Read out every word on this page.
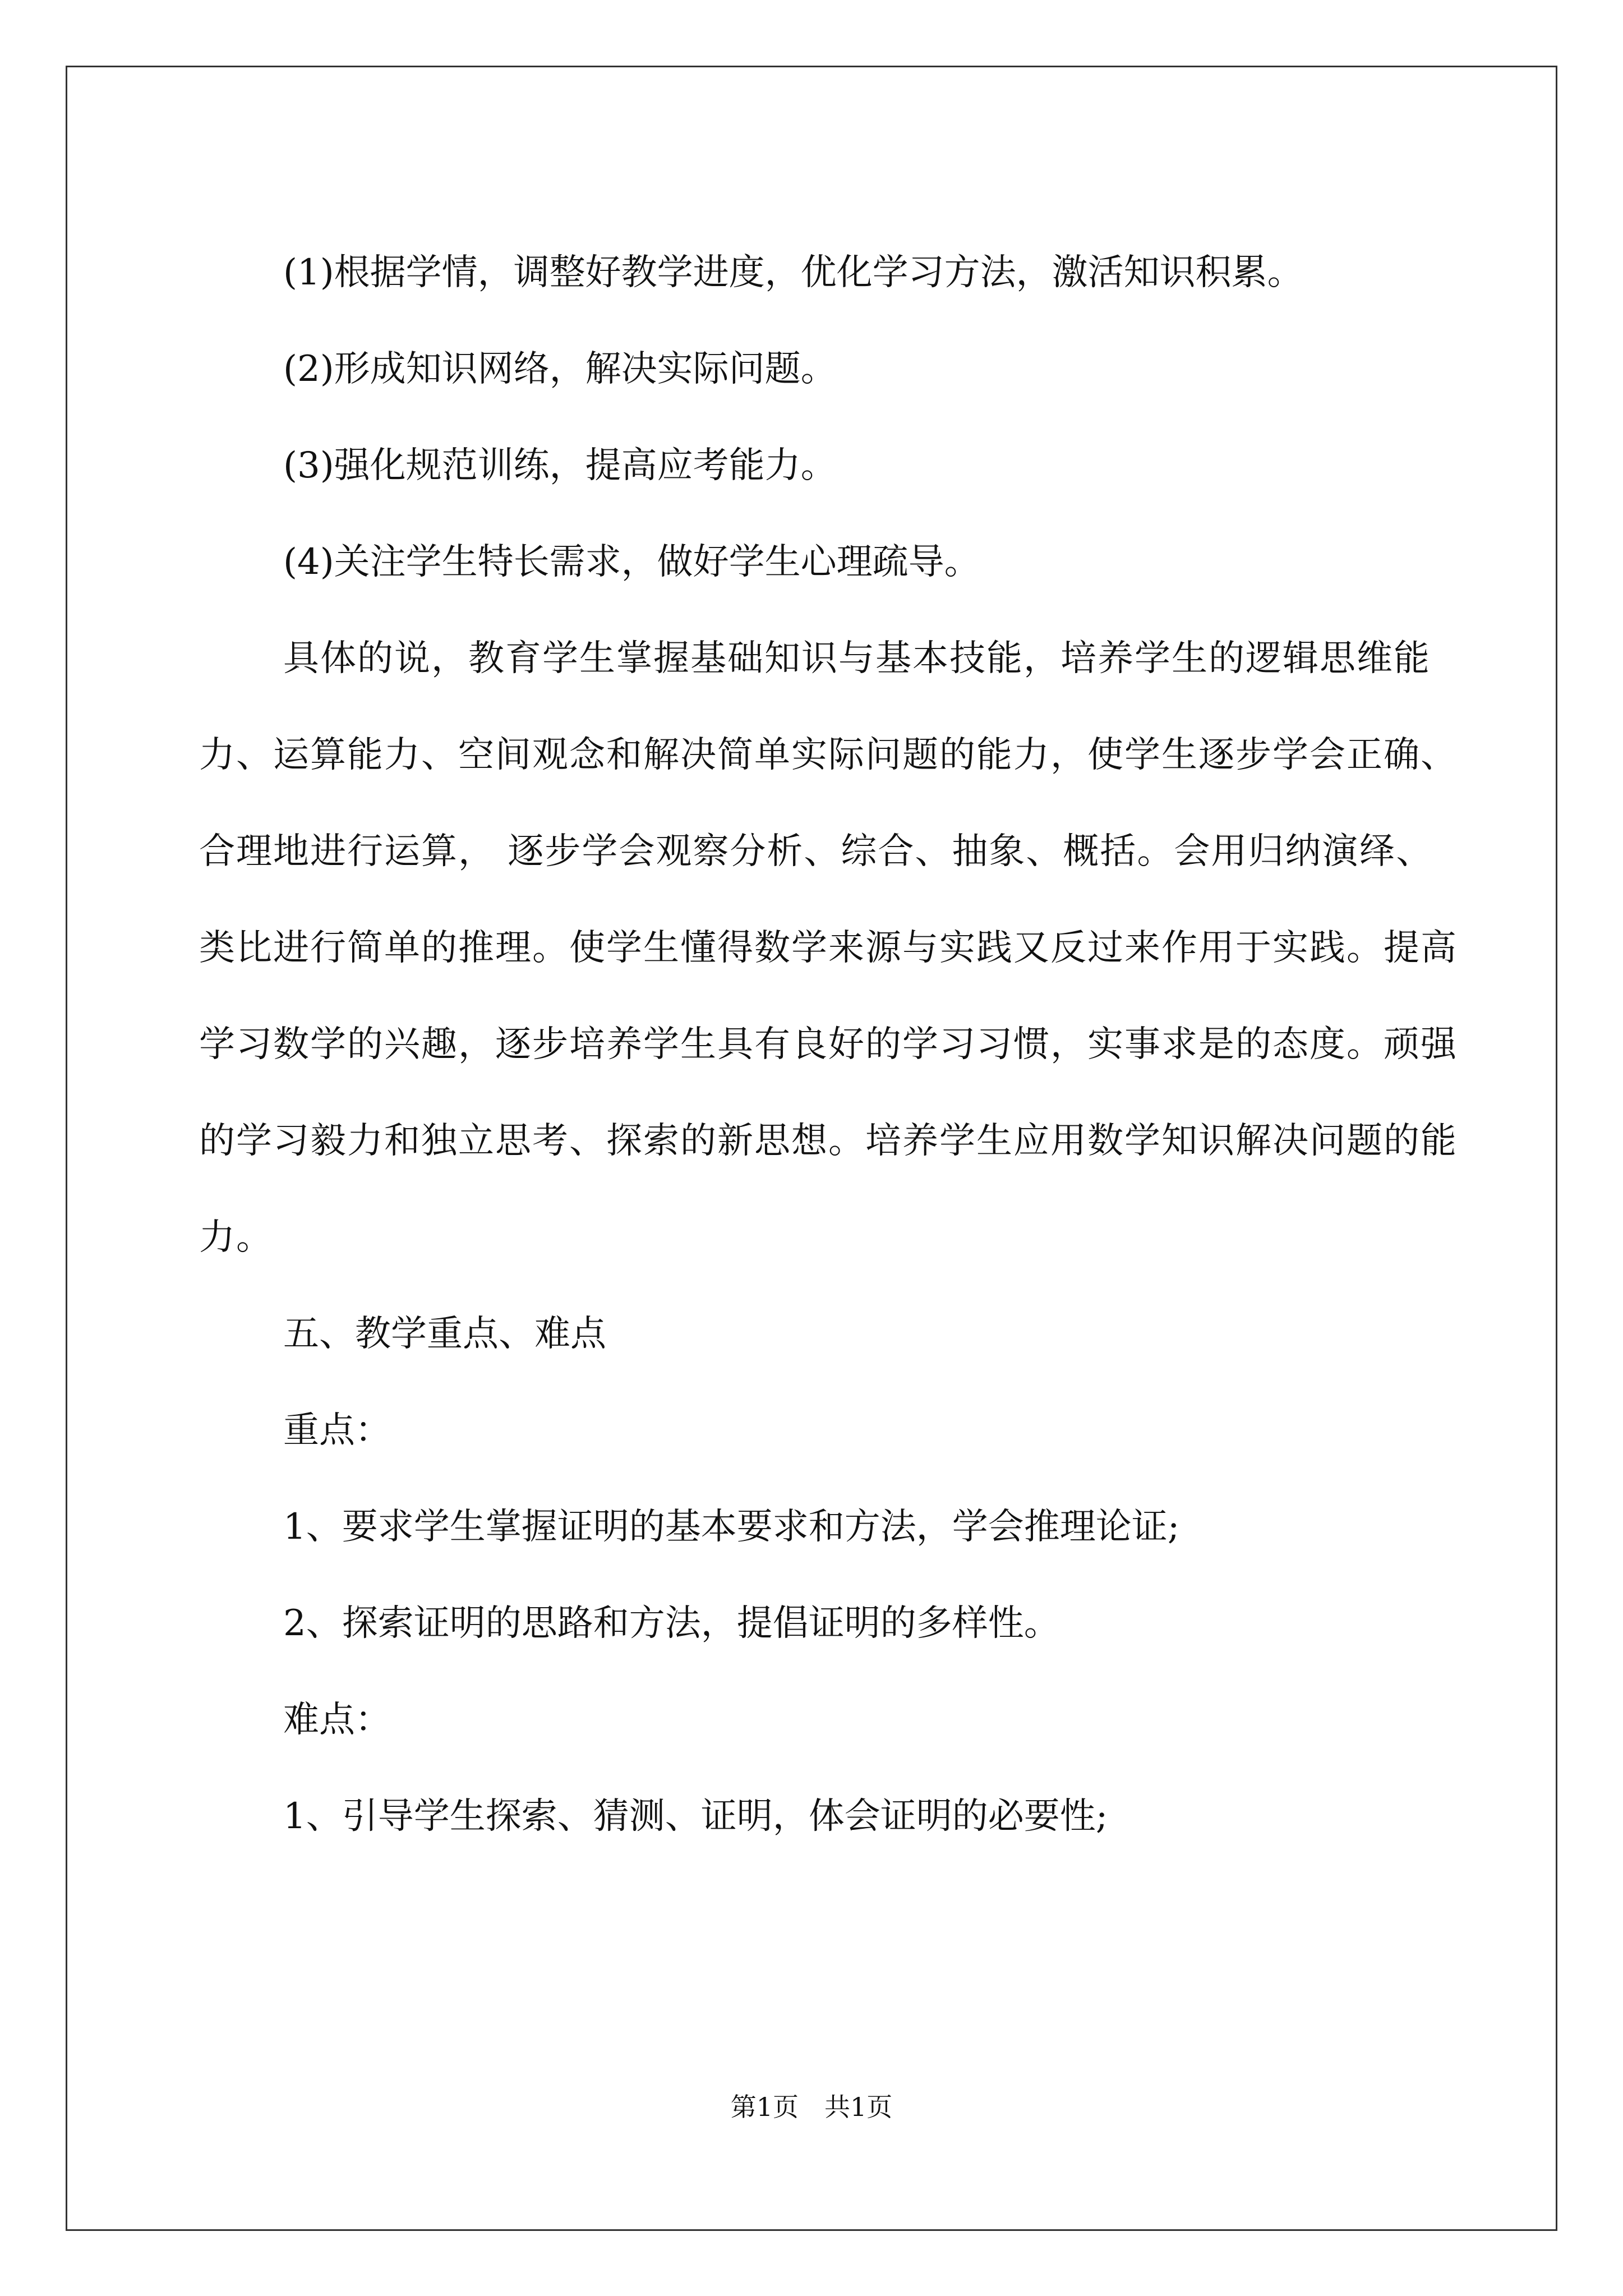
(1)根据学情，调整好教学进度，优化学习方法，激活知识积累。

(2)形成知识网络，解决实际问题。

(3)强化规范训练，提高应考能力。

(4)关注学生特长需求，做好学生心理疏导。

具体的说，教育学生掌握基础知识与基本技能，培养学生的逻辑思维能力、运算能力、空间观念和解决简单实际问题的能力，使学生逐步学会正确、合理地进行运算， 逐步学会观察分析、综合、抽象、概括。会用归纳演绎、类比进行简单的推理。使学生懂得数学来源与实践又反过来作用于实践。提高学习数学的兴趣，逐步培养学生具有良好的学习习惯，实事求是的态度。顽强的学习毅力和独立思考、探索的新思想。培养学生应用数学知识解决问题的能力。

五、教学重点、难点

重点：

1、要求学生掌握证明的基本要求和方法，学会推理论证;

2、探索证明的思路和方法，提倡证明的多样性。

难点：

1、引导学生探索、猜测、证明，体会证明的必要性;

第1页　共1页
